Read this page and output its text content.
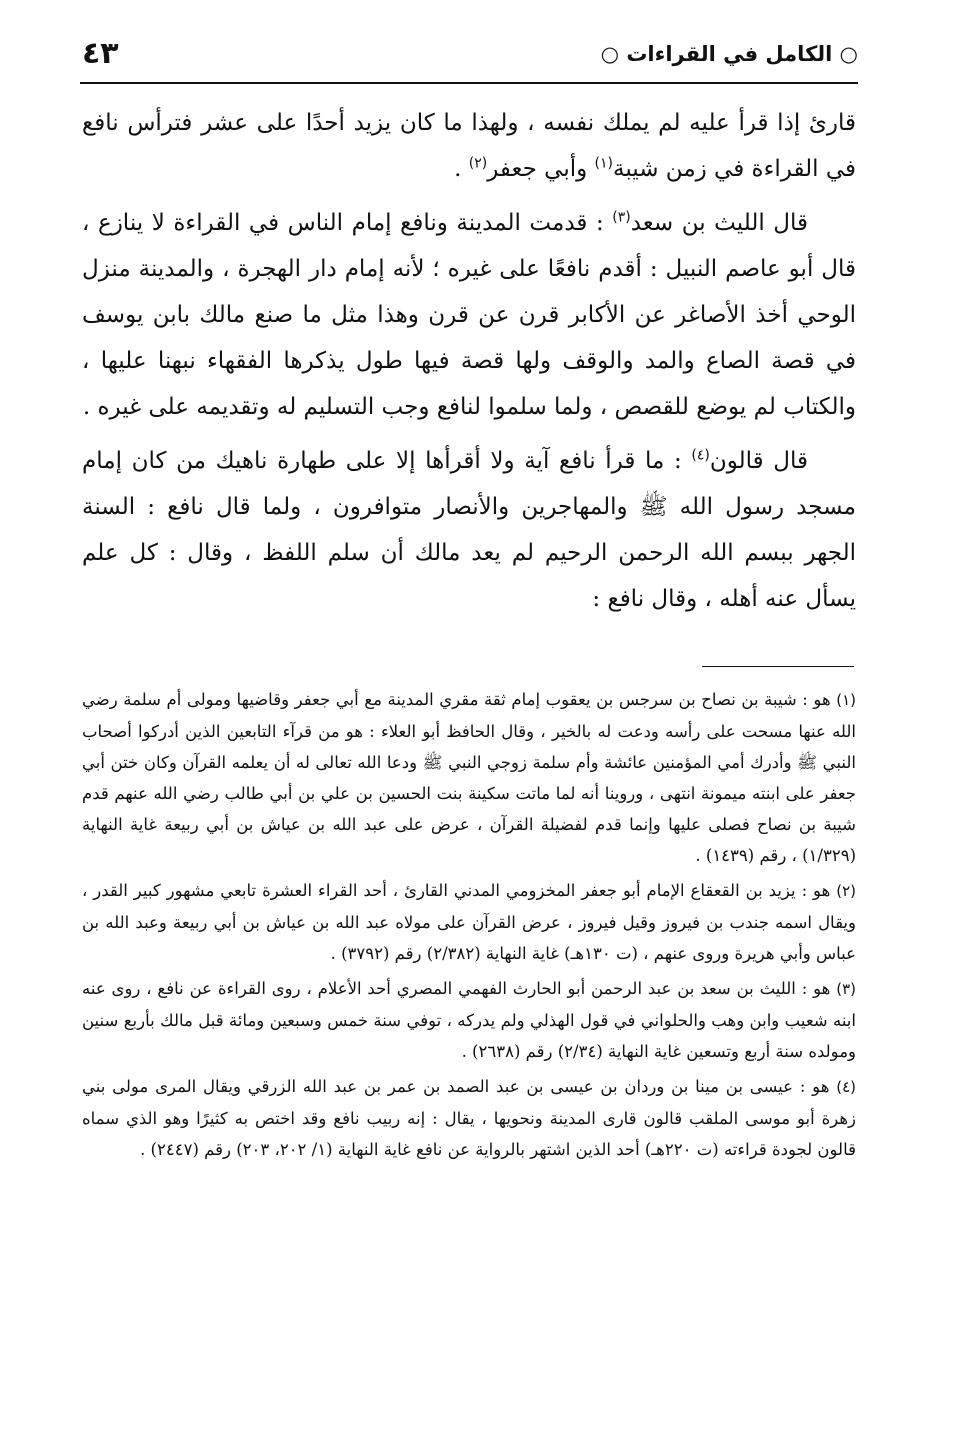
٤٣	○ الكامل في القراءات ○

قارئ إذا قرأ عليه لم يملك نفسه ، ولهذا ما كان يزيد أحدًا على عشر فترأس نافع في القراءة في زمن شيبة$^{(١)}$ وأبي جعفر$^{(٢)}$ .

قال الليث بن سعد$^{(٣)}$ : قدمت المدينة ونافع إمام الناس في القراءة لا ينازع ، قال أبو عاصم النبيل : أقدم نافعًا على غيره ؛ لأنه إمام دار الهجرة ، والمدينة منزل الوحي أخذ الأصاغر عن الأكابر قرن عن قرن وهذا مثل ما صنع مالك بابن يوسف في قصة الصاع والمد والوقف ولها قصة فيها طول يذكرها الفقهاء نبهنا عليها ، والكتاب لم يوضع للقصص ، ولما سلموا لنافع وجب التسليم له وتقديمه على غيره .

قال قالون$^{(٤)}$ : ما قرأ نافع آية ولا أقرأها إلا على طهارة ناهيك من كان إمام مسجد رسول الله ﷺ والمهاجرين والأنصار متوافرون ، ولما قال نافع : السنة الجهر ببسم الله الرحمن الرحيم لم يعد مالك أن سلم اللفظ ، وقال : كل علم يسأل عنه أهله ، وقال نافع :

(١) هو : شيبة بن نصاح بن سرجس بن يعقوب إمام ثقة مقري المدينة مع أبي جعفر وقاضيها ومولى أم سلمة رضي الله عنها مسحت على رأسه ودعت له بالخير ، وقال الحافظ أبو العلاء : هو من قرآء التابعين الذين أدركوا أصحاب النبي ﷺ وأدرك أمي المؤمنين عائشة وأم سلمة زوجي النبي ﷺ ودعا الله تعالى له أن يعلمه القرآن وكان ختن أبي جعفر على ابنته ميمونة انتهى ، وروينا أنه لما ماتت سكينة بنت الحسين بن علي بن أبي طالب رضي الله عنهم قدم شيبة بن نصاح فصلى عليها وإنما قدم لفضيلة القرآن ، عرض على عبد الله بن عياش بن أبي ربيعة غاية النهاية (١/٣٢٩) ، رقم (١٤٣٩) .
(٢) هو : يزيد بن القعقاع الإمام أبو جعفر المخزومي المدني القارئ ، أحد القراء العشرة تابعي مشهور كبير القدر ، ويقال اسمه جندب بن فيروز وقيل فيروز ، عرض القرآن على مولاه عبد الله بن عياش بن أبي ربيعة وعبد الله بن عباس وأبي هريرة وروى عنهم ، (ت ١٣٠هـ) غاية النهاية (٢/٣٨٢) رقم (٣٧٩٢) .
(٣) هو : الليث بن سعد بن عبد الرحمن أبو الحارث الفهمي المصري أحد الأعلام ، روى القراءة عن نافع ، روى عنه ابنه شعيب وابن وهب والحلواني في قول الهذلي ولم يدركه ، توفي سنة خمس وسبعين ومائة قبل مالك بأربع سنين ومولده سنة أربع وتسعين غاية النهاية (٢/٣٤) رقم (٢٦٣٨) .
(٤) هو : عيسى بن مينا بن وردان بن عيسى بن عبد الصمد بن عمر بن عبد الله الزرقي ويقال المرى مولى بني زهرة أبو موسى الملقب قالون قارى المدينة ونحويها ، يقال : إنه ربيب نافع وقد اختص به كثيرًا وهو الذي سماه قالون لجودة قراءته (ت ٢٢٠هـ) أحد الذين اشتهر بالرواية عن نافع غاية النهاية (١/ ٢٠٢، ٢٠٣) رقم (٢٤٤٧) .
